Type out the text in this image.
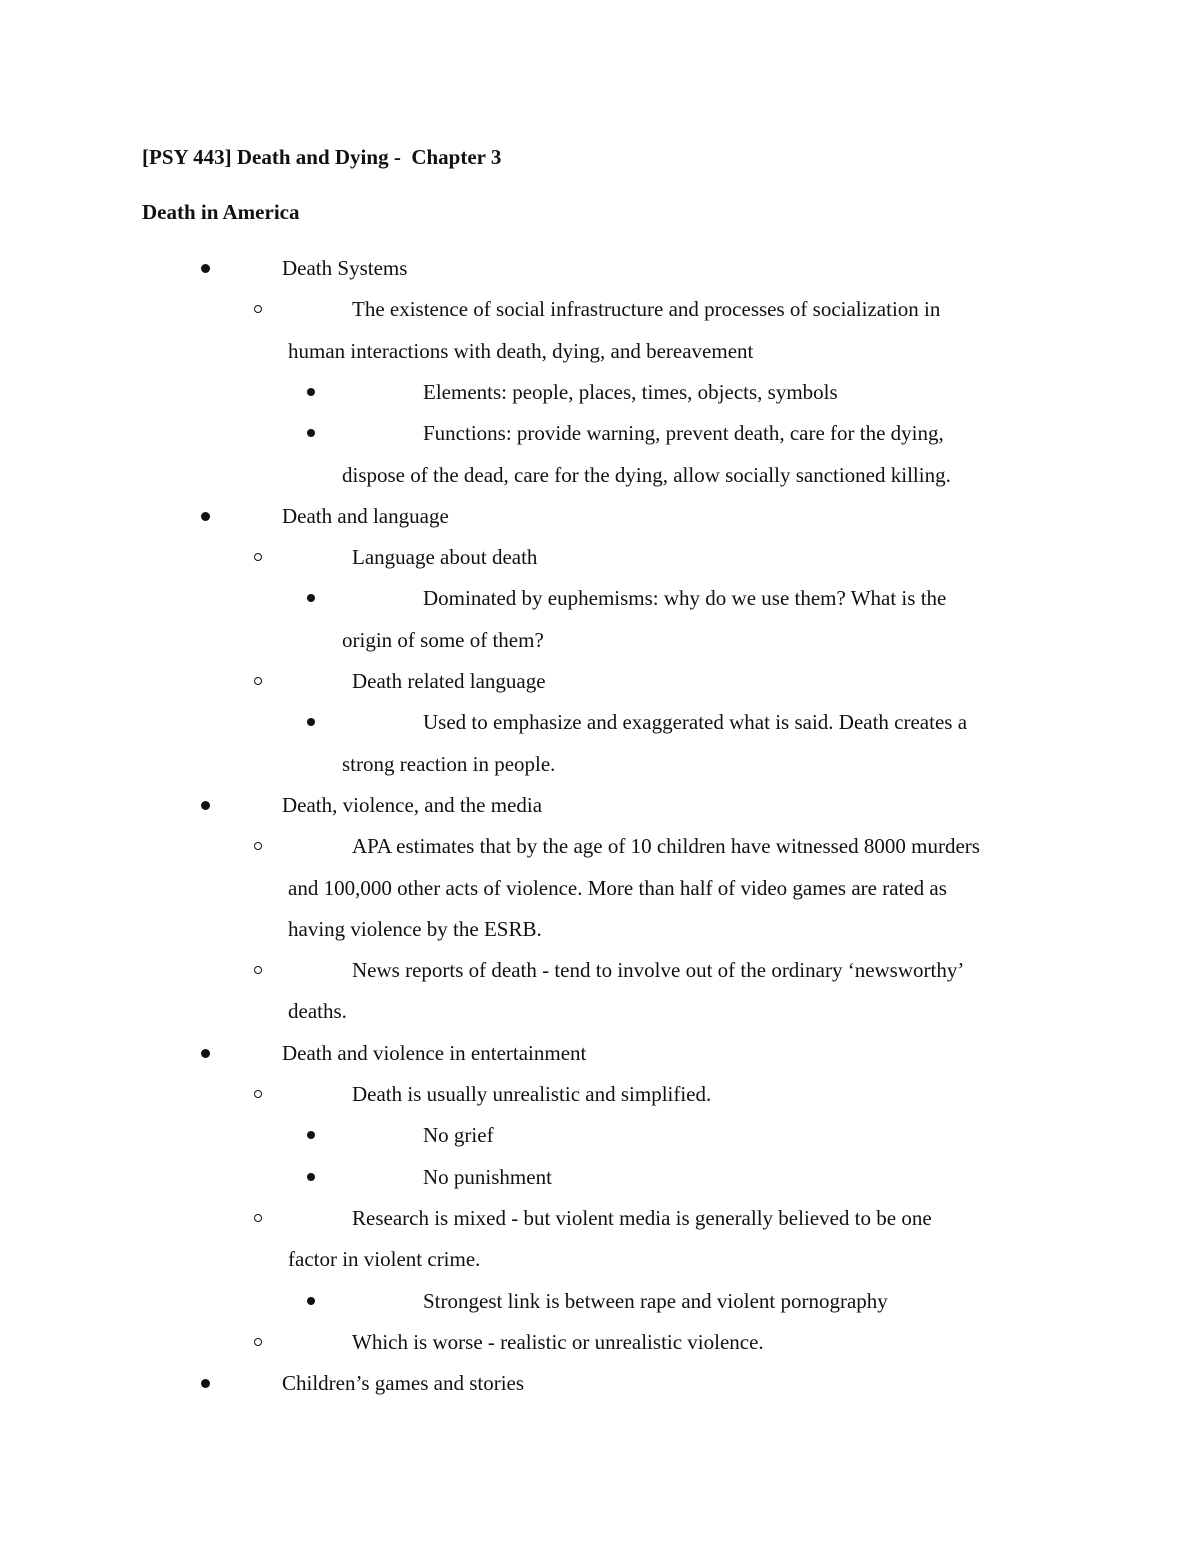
[PSY 443] Death and Dying -  Chapter 3
Death in America
Death Systems
The existence of social infrastructure and processes of socialization in
human interactions with death, dying, and bereavement
Elements: people, places, times, objects, symbols
Functions: provide warning, prevent death, care for the dying,
dispose of the dead, care for the dying, allow socially sanctioned killing.
Death and language
Language about death
Dominated by euphemisms: why do we use them? What is the
origin of some of them?
Death related language
Used to emphasize and exaggerated what is said. Death creates a
strong reaction in people.
Death, violence, and the media
APA estimates that by the age of 10 children have witnessed 8000 murders
and 100,000 other acts of violence. More than half of video games are rated as
having violence by the ESRB.
News reports of death - tend to involve out of the ordinary ‘newsworthy’
deaths.
Death and violence in entertainment
Death is usually unrealistic and simplified.
No grief
No punishment
Research is mixed - but violent media is generally believed to be one
factor in violent crime.
Strongest link is between rape and violent pornography
Which is worse - realistic or unrealistic violence.
Children’s games and stories
